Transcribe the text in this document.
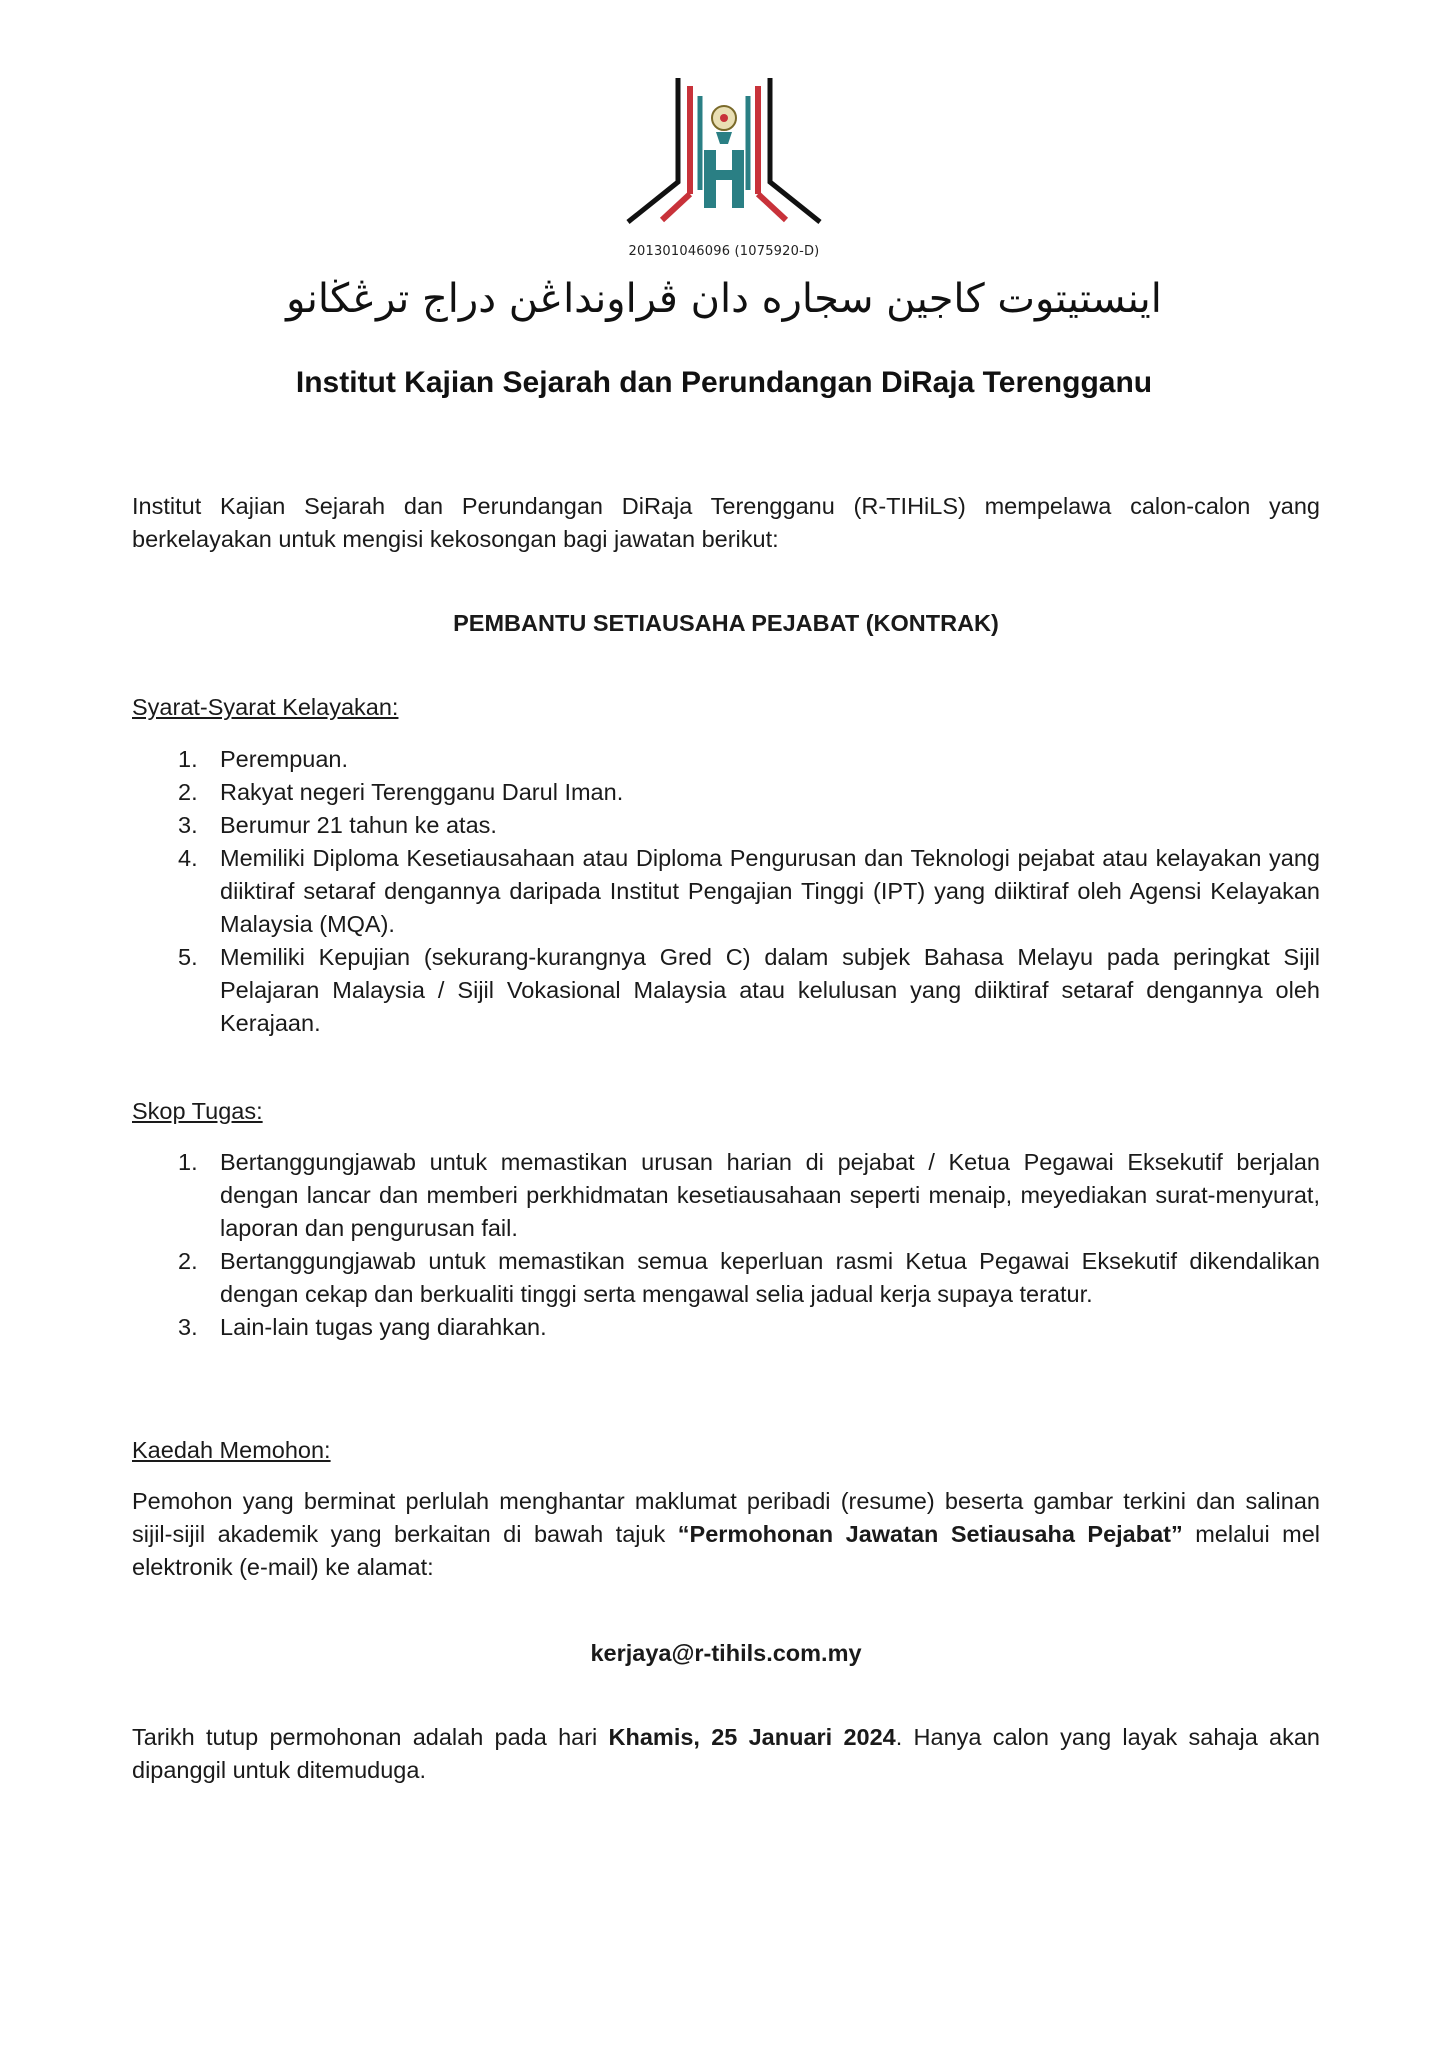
201301046096 (1075920-D)
اينستيتوت كاجين سجاره دان ڤراونداڠن دراج ترڠڬانو
Institut Kajian Sejarah dan Perundangan DiRaja Terengganu
Institut Kajian Sejarah dan Perundangan DiRaja Terengganu (R-TIHiLS) mempelawa calon-calon yang berkelayakan untuk mengisi kekosongan bagi jawatan berikut:
PEMBANTU SETIAUSAHA PEJABAT (KONTRAK)
Syarat-Syarat Kelayakan:
1. Perempuan.
2. Rakyat negeri Terengganu Darul Iman.
3. Berumur 21 tahun ke atas.
4. Memiliki Diploma Kesetiausahaan atau Diploma Pengurusan dan Teknologi pejabat atau kelayakan yang diiktiraf setaraf dengannya daripada Institut Pengajian Tinggi (IPT) yang diiktiraf oleh Agensi Kelayakan Malaysia (MQA).
5. Memiliki Kepujian (sekurang-kurangnya Gred C) dalam subjek Bahasa Melayu pada peringkat Sijil Pelajaran Malaysia / Sijil Vokasional Malaysia atau kelulusan yang diiktiraf setaraf dengannya oleh Kerajaan.
Skop Tugas:
1. Bertanggungjawab untuk memastikan urusan harian di pejabat / Ketua Pegawai Eksekutif berjalan dengan lancar dan memberi perkhidmatan kesetiausahaan seperti menaip, meyediakan surat-menyurat, laporan dan pengurusan fail.
2. Bertanggungjawab untuk memastikan semua keperluan rasmi Ketua Pegawai Eksekutif dikendalikan dengan cekap dan berkualiti tinggi serta mengawal selia jadual kerja supaya teratur.
3. Lain-lain tugas yang diarahkan.
Kaedah Memohon:
Pemohon yang berminat perlulah menghantar maklumat peribadi (resume) beserta gambar terkini dan salinan sijil-sijil akademik yang berkaitan di bawah tajuk “Permohonan Jawatan Setiausaha Pejabat” melalui mel elektronik (e-mail) ke alamat:
kerjaya@r-tihils.com.my
Tarikh tutup permohonan adalah pada hari Khamis, 25 Januari 2024. Hanya calon yang layak sahaja akan dipanggil untuk ditemuduga.
